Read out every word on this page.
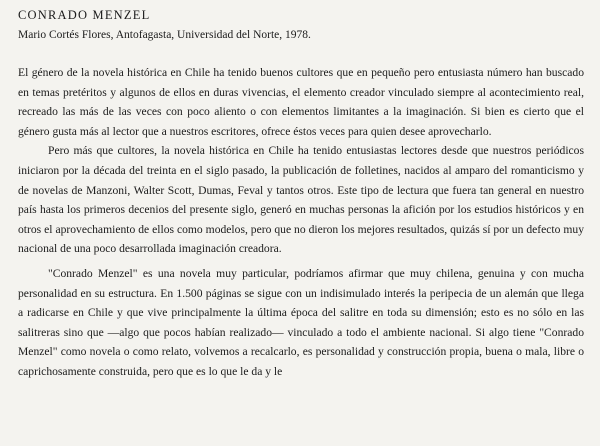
CONRADO MENZEL
Mario Cortés Flores, Antofagasta, Universidad del Norte, 1978.

El género de la novela histórica en Chile ha tenido buenos cultores que en pequeño pero entusiasta número han buscado en temas pretéritos y algunos de ellos en duras vivencias, el elemento creador vinculado siempre al acontecimiento real, recreado las más de las veces con poco aliento o con elementos limitantes a la imaginación. Si bien es cierto que el género gusta más al lector que a nuestros escritores, ofrece éstos veces para quien desee aprovecharlo.

Pero más que cultores, la novela histórica en Chile ha tenido entusiastas lectores desde que nuestros periódicos iniciaron por la década del treinta en el siglo pasado, la publicación de folletines, nacidos al amparo del romanticismo y de novelas de Manzoni, Walter Scott, Dumas, Feval y tantos otros. Este tipo de lectura que fuera tan general en nuestro país hasta los primeros decenios del presente siglo, generó en muchas personas la afición por los estudios históricos y en otros el aprovechamiento de ellos como modelos, pero que no dieron los mejores resultados, quizás sí por un defecto muy nacional de una poco desarrollada imaginación creadora.

"Conrado Menzel" es una novela muy particular, podríamos afirmar que muy chilena, genuina y con mucha personalidad en su estructura. En 1.500 páginas se sigue con un indisimulado interés la peripecia de un alemán que llega a radicarse en Chile y que vive principalmente la última época del salitre en toda su dimensión; esto es no sólo en las salitreras sino que —algo que pocos habían realizado— vinculado a todo el ambiente nacional. Si algo tiene "Conrado Menzel" como novela o como relato, volvemos a recalcarlo, es personalidad y construcción propia, buena o mala, libre o caprichosamente construida, pero que es lo que le da y le
